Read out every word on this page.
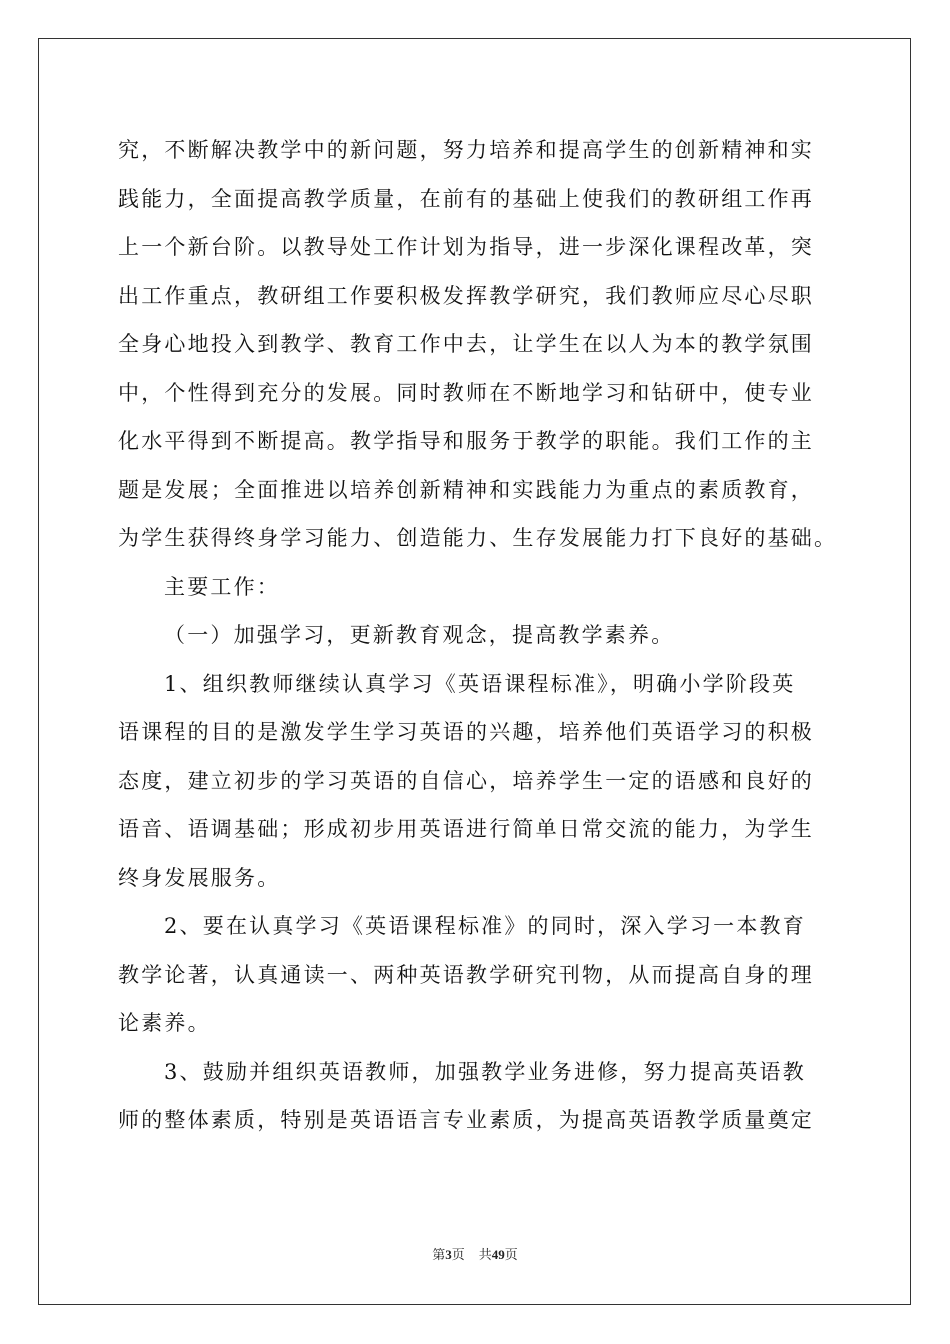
究，不断解决教学中的新问题，努力培养和提高学生的创新精神和实
践能力，全面提高教学质量，在前有的基础上使我们的教研组工作再
上一个新台阶。以教导处工作计划为指导，进一步深化课程改革，突
出工作重点，教研组工作要积极发挥教学研究，我们教师应尽心尽职
全身心地投入到教学、教育工作中去，让学生在以人为本的教学氛围
中，个性得到充分的发展。同时教师在不断地学习和钻研中，使专业
化水平得到不断提高。教学指导和服务于教学的职能。我们工作的主
题是发展；全面推进以培养创新精神和实践能力为重点的素质教育，
为学生获得终身学习能力、创造能力、生存发展能力打下良好的基础。
主要工作：
（一）加强学习，更新教育观念，提高教学素养。
1、组织教师继续认真学习《英语课程标准》，明确小学阶段英
语课程的目的是激发学生学习英语的兴趣，培养他们英语学习的积极
态度，建立初步的学习英语的自信心，培养学生一定的语感和良好的
语音、语调基础；形成初步用英语进行简单日常交流的能力，为学生
终身发展服务。
2、要在认真学习《英语课程标准》的同时，深入学习一本教育
教学论著，认真通读一、两种英语教学研究刊物，从而提高自身的理
论素养。
3、鼓励并组织英语教师，加强教学业务进修，努力提高英语教
师的整体素质，特别是英语语言专业素质，为提高英语教学质量奠定
第3页 共49页
